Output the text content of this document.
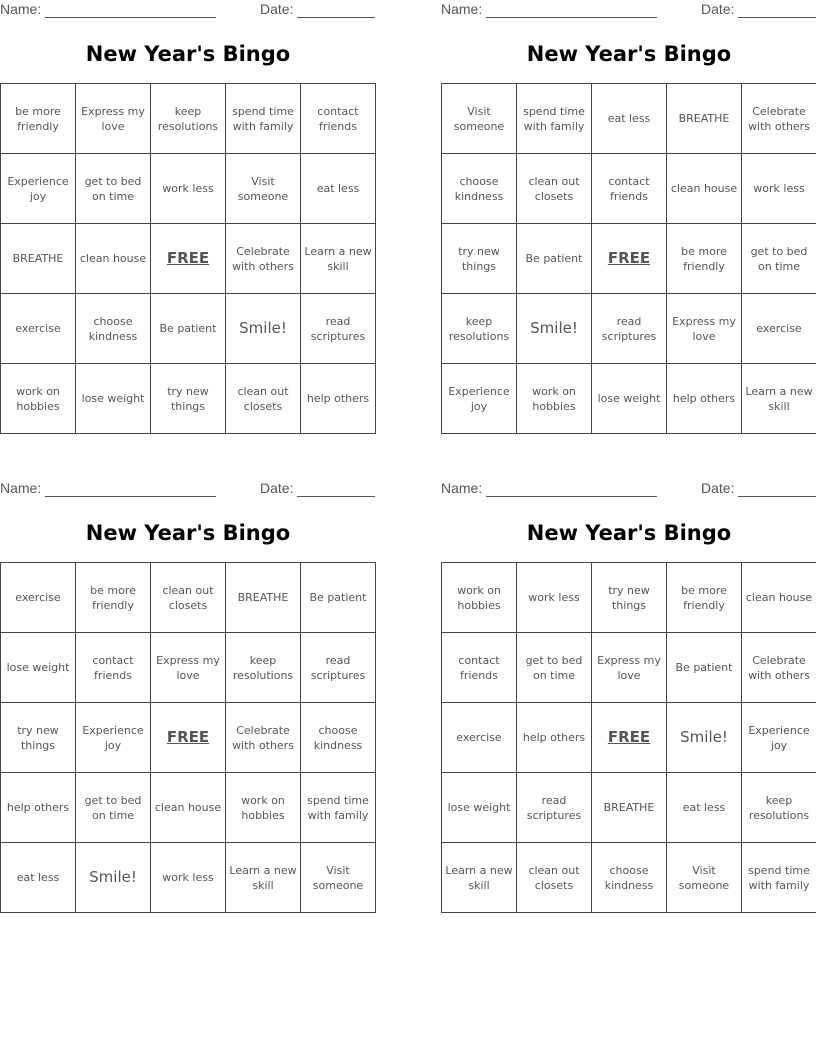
Name:	Date:
New Year's Bingo
be more friendly	Express my love	keep resolutions	spend time with family	contact friends
Experience joy	get to bed on time	work less	Visit someone	eat less
BREATHE	clean house	FREE	Celebrate with others	Learn a new skill
exercise	choose kindness	Be patient	Smile!	read scriptures
work on hobbies	lose weight	try new things	clean out closets	help others
Name:	Date:
New Year's Bingo
Visit someone	spend time with family	eat less	BREATHE	Celebrate with others
choose kindness	clean out closets	contact friends	clean house	work less
try new things	Be patient	FREE	be more friendly	get to bed on time
keep resolutions	Smile!	read scriptures	Express my love	exercise
Experience joy	work on hobbies	lose weight	help others	Learn a new skill
Name:	Date:
New Year's Bingo
exercise	be more friendly	clean out closets	BREATHE	Be patient
lose weight	contact friends	Express my love	keep resolutions	read scriptures
try new things	Experience joy	FREE	Celebrate with others	choose kindness
help others	get to bed on time	clean house	work on hobbies	spend time with family
eat less	Smile!	work less	Learn a new skill	Visit someone
Name:	Date:
New Year's Bingo
work on hobbies	work less	try new things	be more friendly	clean house
contact friends	get to bed on time	Express my love	Be patient	Celebrate with others
exercise	help others	FREE	Smile!	Experience joy
lose weight	read scriptures	BREATHE	eat less	keep resolutions
Learn a new skill	clean out closets	choose kindness	Visit someone	spend time with family
